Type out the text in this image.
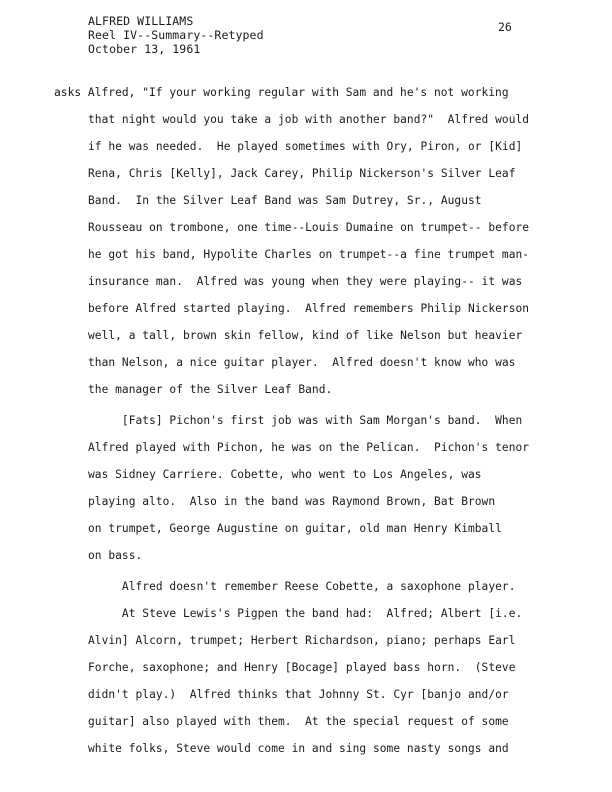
ALFRED WILLIAMS
Reel IV--Summary--Retyped
October 13, 1961
26
asks Alfred, "If your working regular with Sam and he's not working
that night would you take a job with another band?"  Alfred would
if he was needed.  He played sometimes with Ory, Piron, or [Kid]
Rena, Chris [Kelly], Jack Carey, Philip Nickerson's Silver Leaf
Band.  In the Silver Leaf Band was Sam Dutrey, Sr., August
Rousseau on trombone, one time--Louis Dumaine on trumpet-- before
he got his band, Hypolite Charles on trumpet--a fine trumpet man-
insurance man.  Alfred was young when they were playing-- it was
before Alfred started playing.  Alfred remembers Philip Nickerson
well, a tall, brown skin fellow, kind of like Nelson but heavier
than Nelson, a nice guitar player.  Alfred doesn't know who was
the manager of the Silver Leaf Band.
[Fats] Pichon's first job was with Sam Morgan's band.  When
Alfred played with Pichon, he was on the Pelican.  Pichon's tenor
was Sidney Carriere. Cobette, who went to Los Angeles, was
playing alto.  Also in the band was Raymond Brown, Bat Brown
on trumpet, George Augustine on guitar, old man Henry Kimball
on bass.
Alfred doesn't remember Reese Cobette, a saxophone player.
At Steve Lewis's Pigpen the band had:  Alfred; Albert [i.e.
Alvin] Alcorn, trumpet; Herbert Richardson, piano; perhaps Earl
Forche, saxophone; and Henry [Bocage] played bass horn.  (Steve
didn't play.)  Alfred thinks that Johnny St. Cyr [banjo and/or
guitar] also played with them.  At the special request of some
white folks, Steve would come in and sing some nasty songs and
